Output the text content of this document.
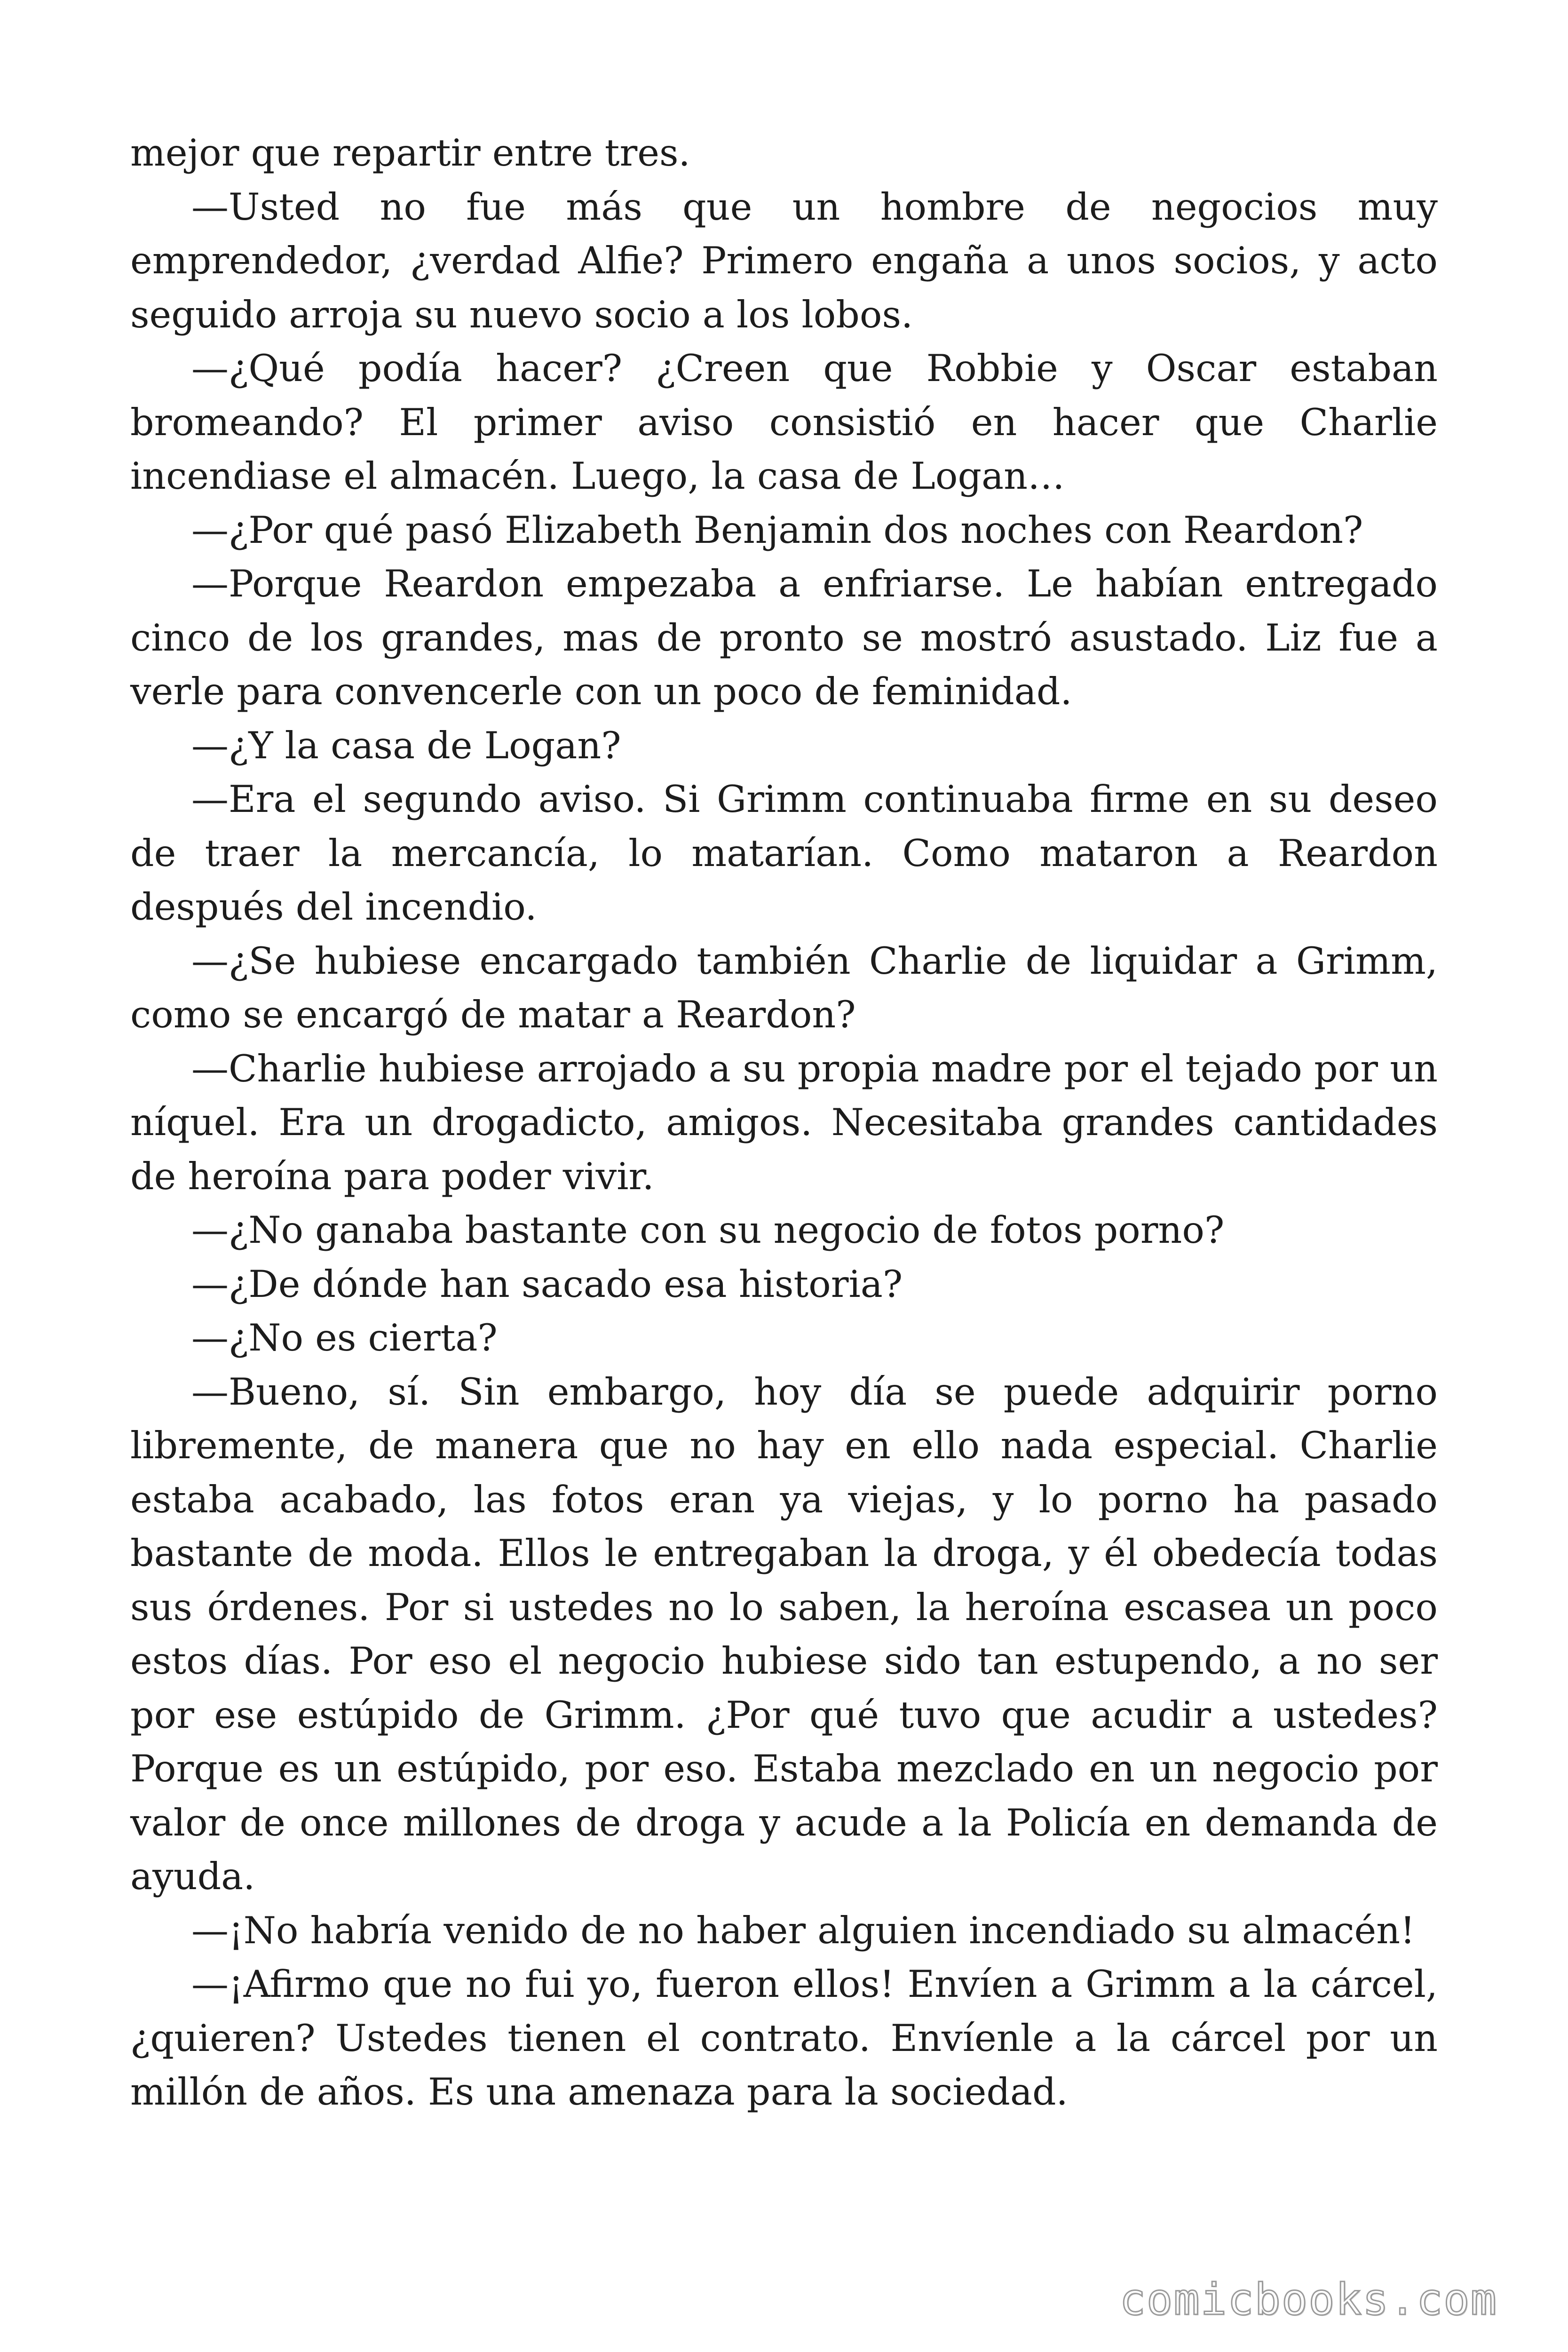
mejor que repartir entre tres.

—Usted no fue más que un hombre de negocios muy emprendedor, ¿verdad Alfie? Primero engaña a unos socios, y acto seguido arroja su nuevo socio a los lobos.

—¿Qué podía hacer? ¿Creen que Robbie y Oscar estaban bromeando? El primer aviso consistió en hacer que Charlie incendiase el almacén. Luego, la casa de Logan…

—¿Por qué pasó Elizabeth Benjamin dos noches con Reardon?

—Porque Reardon empezaba a enfriarse. Le habían entregado cinco de los grandes, mas de pronto se mostró asustado. Liz fue a verle para convencerle con un poco de feminidad.

—¿Y la casa de Logan?

—Era el segundo aviso. Si Grimm continuaba firme en su deseo de traer la mercancía, lo matarían. Como mataron a Reardon después del incendio.

—¿Se hubiese encargado también Charlie de liquidar a Grimm, como se encargó de matar a Reardon?

—Charlie hubiese arrojado a su propia madre por el tejado por un níquel. Era un drogadicto, amigos. Necesitaba grandes cantidades de heroína para poder vivir.

—¿No ganaba bastante con su negocio de fotos porno?

—¿De dónde han sacado esa historia?

—¿No es cierta?

—Bueno, sí. Sin embargo, hoy día se puede adquirir porno libremente, de manera que no hay en ello nada especial. Charlie estaba acabado, las fotos eran ya viejas, y lo porno ha pasado bastante de moda. Ellos le entregaban la droga, y él obedecía todas sus órdenes. Por si ustedes no lo saben, la heroína escasea un poco estos días. Por eso el negocio hubiese sido tan estupendo, a no ser por ese estúpido de Grimm. ¿Por qué tuvo que acudir a ustedes? Porque es un estúpido, por eso. Estaba mezclado en un negocio por valor de once millones de droga y acude a la Policía en demanda de ayuda.

—¡No habría venido de no haber alguien incendiado su almacén!

—¡Afirmo que no fui yo, fueron ellos! Envíen a Grimm a la cárcel, ¿quieren? Ustedes tienen el contrato. Envíenle a la cárcel por un millón de años. Es una amenaza para la sociedad.

comicbooks.com
